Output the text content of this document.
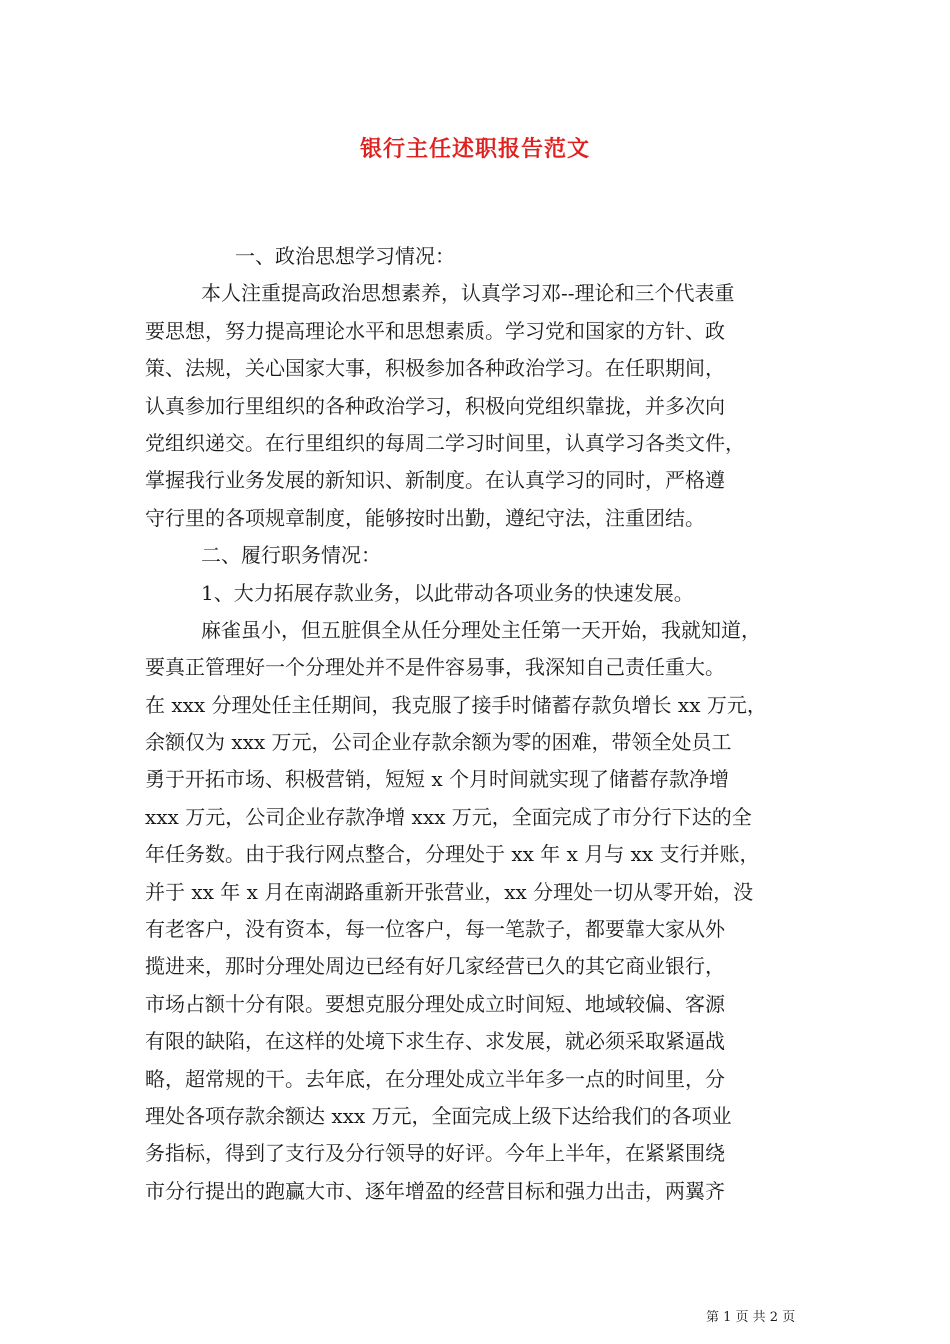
银行主任述职报告范文
一、政治思想学习情况：
本人注重提高政治思想素养，认真学习邓--理论和三个代表重
要思想，努力提高理论水平和思想素质。学习党和国家的方针、政
策、法规，关心国家大事，积极参加各种政治学习。在任职期间，
认真参加行里组织的各种政治学习，积极向党组织靠拢，并多次向
党组织递交。在行里组织的每周二学习时间里，认真学习各类文件，
掌握我行业务发展的新知识、新制度。在认真学习的同时，严格遵
守行里的各项规章制度，能够按时出勤，遵纪守法，注重团结。
二、履行职务情况：
1、大力拓展存款业务，以此带动各项业务的快速发展。
麻雀虽小，但五脏俱全从任分理处主任第一天开始，我就知道，
要真正管理好一个分理处并不是件容易事，我深知自己责任重大。
在 xxx 分理处任主任期间，我克服了接手时储蓄存款负增长 xx 万元，
余额仅为 xxx 万元，公司企业存款余额为零的困难，带领全处员工
勇于开拓市场、积极营销，短短 x 个月时间就实现了储蓄存款净增
xxx 万元，公司企业存款净增 xxx 万元，全面完成了市分行下达的全
年任务数。由于我行网点整合，分理处于 xx 年 x 月与 xx 支行并账，
并于 xx 年 x 月在南湖路重新开张营业，xx 分理处一切从零开始，没
有老客户，没有资本，每一位客户，每一笔款子，都要靠大家从外
揽进来，那时分理处周边已经有好几家经营已久的其它商业银行，
市场占额十分有限。要想克服分理处成立时间短、地域较偏、客源
有限的缺陷，在这样的处境下求生存、求发展，就必须采取紧逼战
略，超常规的干。去年底，在分理处成立半年多一点的时间里，分
理处各项存款余额达 xxx 万元，全面完成上级下达给我们的各项业
务指标，得到了支行及分行领导的好评。今年上半年，在紧紧围绕
市分行提出的跑赢大市、逐年增盈的经营目标和强力出击，两翼齐
第 1 页 共 2 页
